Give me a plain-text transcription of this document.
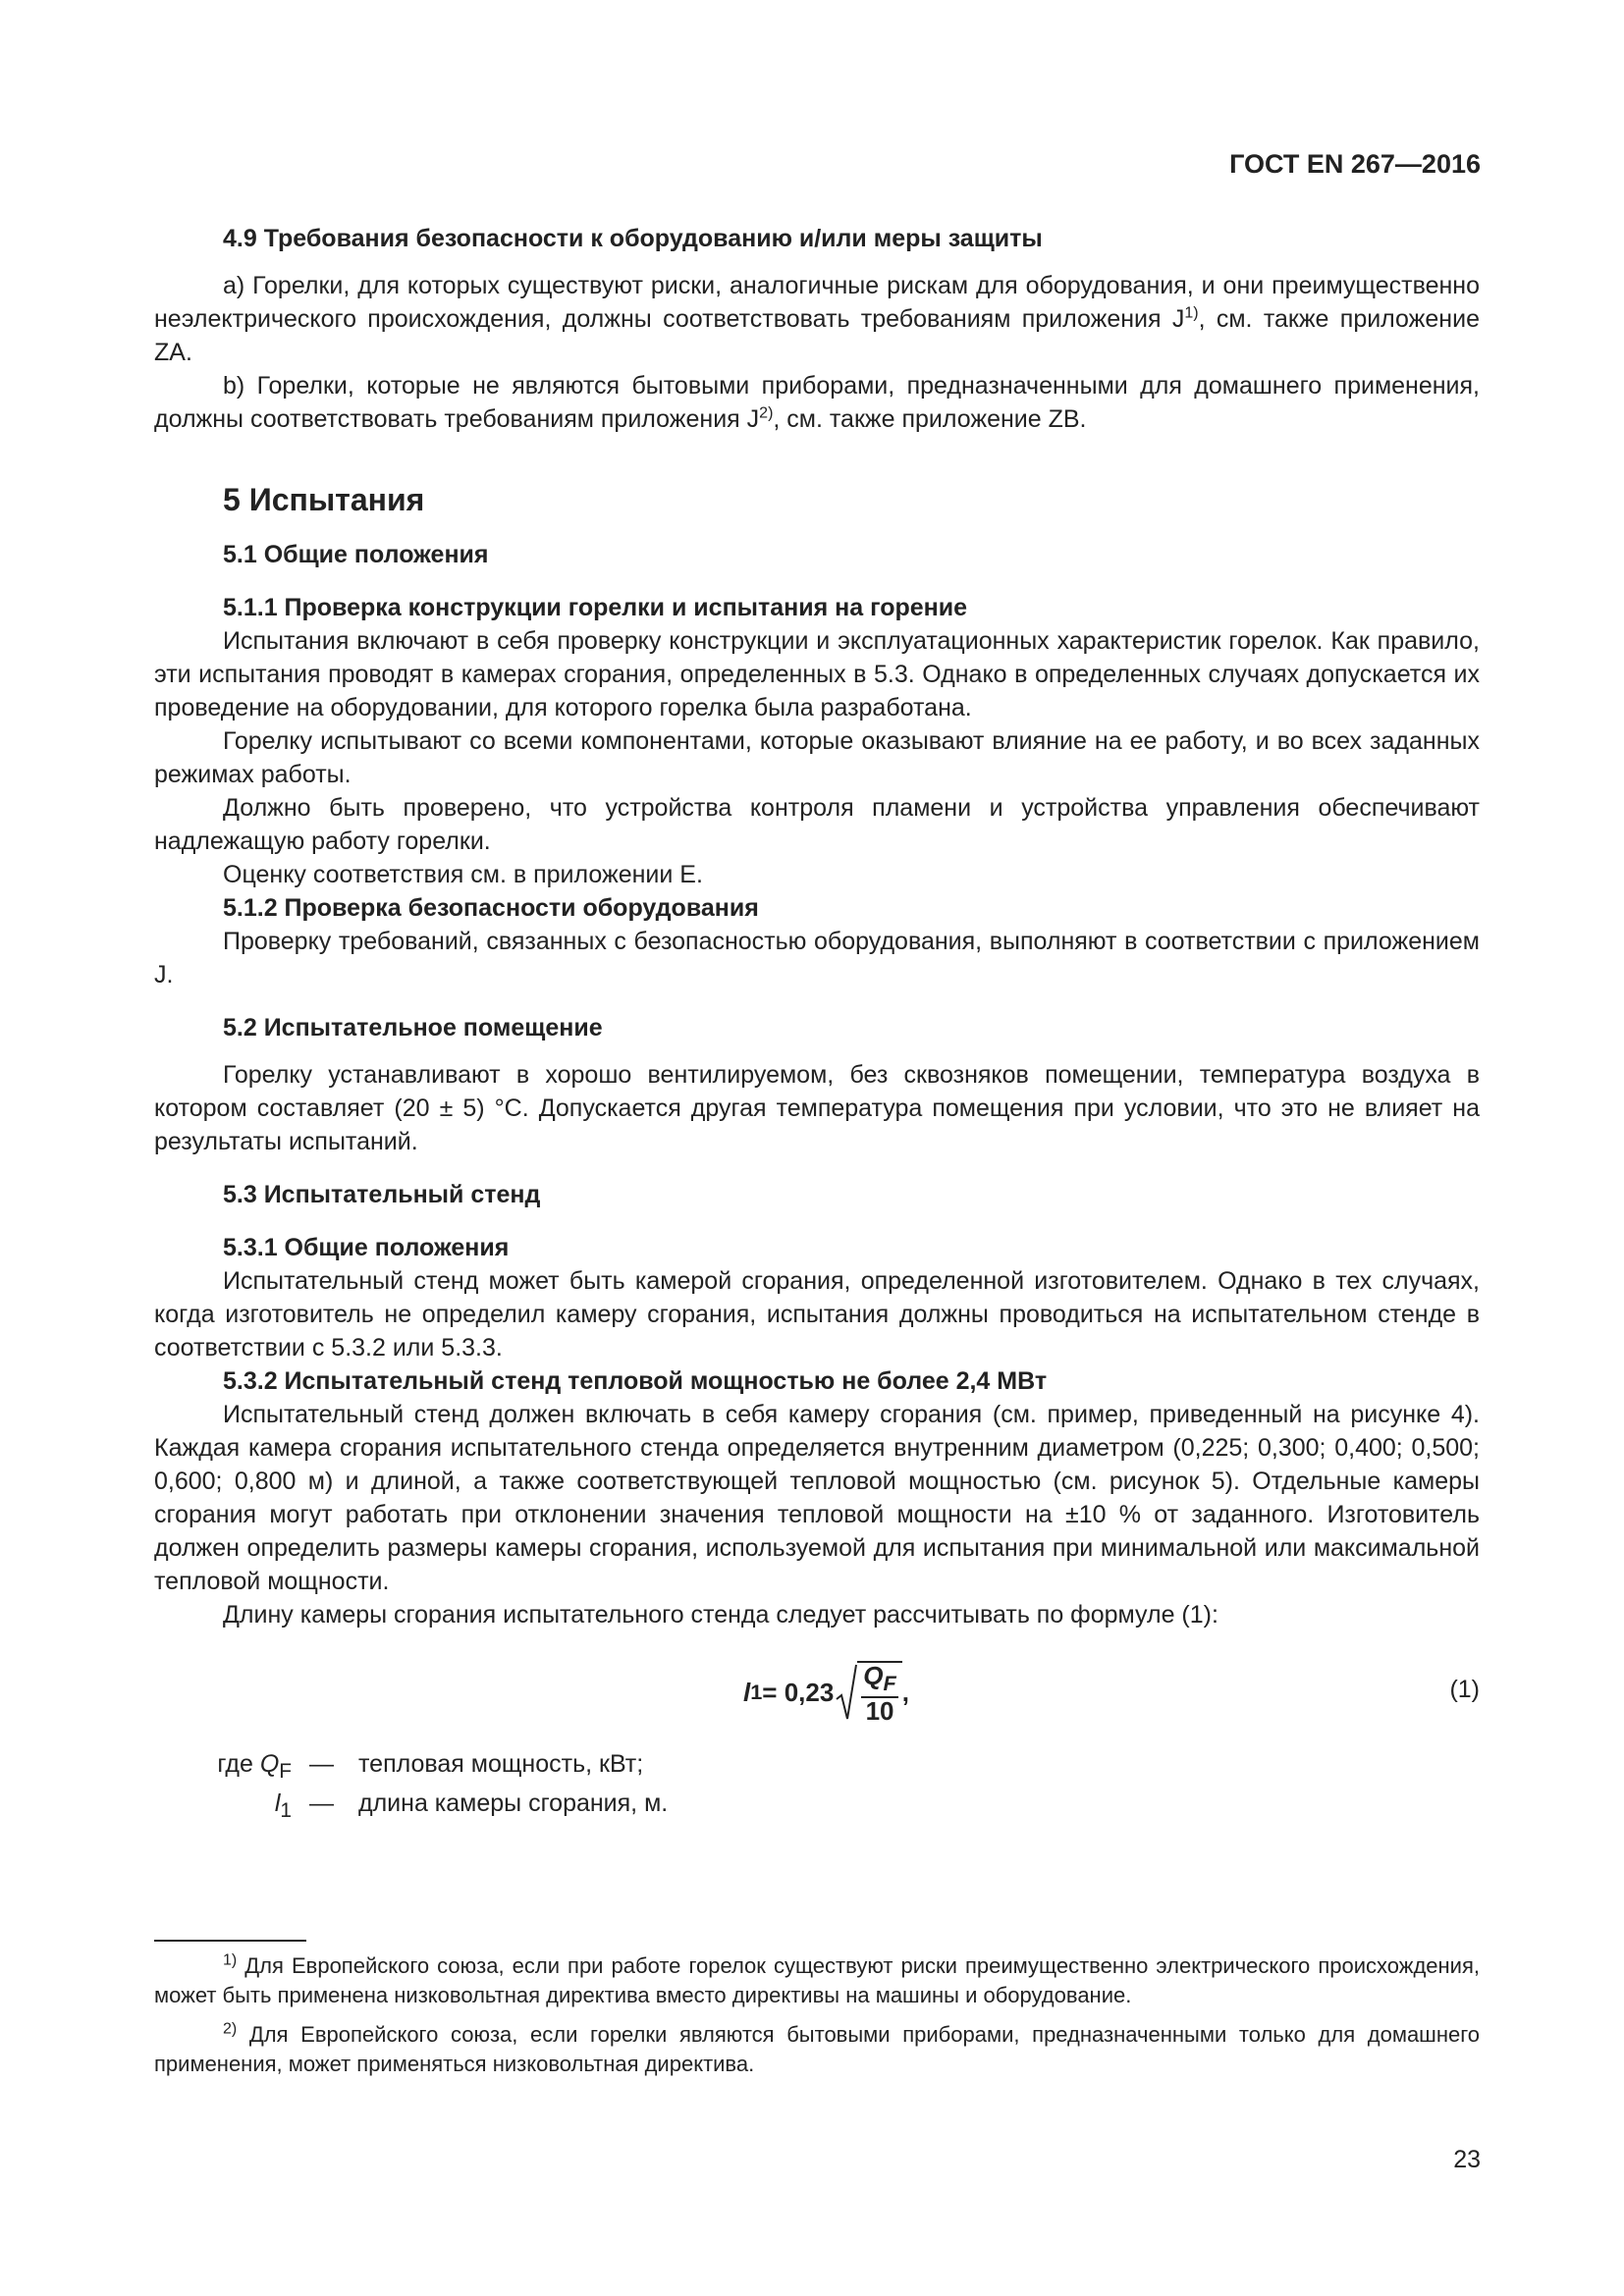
ГОСТ EN 267—2016

4.9 Требования безопасности к оборудованию и/или меры защиты

a) Горелки, для которых существуют риски, аналогичные рискам для оборудования, и они преимущественно неэлектрического происхождения, должны соответствовать требованиям приложения $J^{1)}$, см. также приложение ZA.

b) Горелки, которые не являются бытовыми приборами, предназначенными для домашнего применения, должны соответствовать требованиям приложения $J^{2)}$, см. также приложение ZB.

5 Испытания

5.1 Общие положения

5.1.1 Проверка конструкции горелки и испытания на горение

Испытания включают в себя проверку конструкции и эксплуатационных характеристик горелок. Как правило, эти испытания проводят в камерах сгорания, определенных в 5.3. Однако в определенных случаях допускается их проведение на оборудовании, для которого горелка была разработана.

Горелку испытывают со всеми компонентами, которые оказывают влияние на ее работу, и во всех заданных режимах работы.

Должно быть проверено, что устройства контроля пламени и устройства управления обеспечивают надлежащую работу горелки.

Оценку соответствия см. в приложении E.

5.1.2 Проверка безопасности оборудования

Проверку требований, связанных с безопасностью оборудования, выполняют в соответствии с приложением J.

5.2 Испытательное помещение

Горелку устанавливают в хорошо вентилируемом, без сквозняков помещении, температура воздуха в котором составляет (20 ± 5) °С. Допускается другая температура помещения при условии, что это не влияет на результаты испытаний.

5.3 Испытательный стенд

5.3.1 Общие положения

Испытательный стенд может быть камерой сгорания, определенной изготовителем. Однако в тех случаях, когда изготовитель не определил камеру сгорания, испытания должны проводиться на испытательном стенде в соответствии с 5.3.2 или 5.3.3.

5.3.2 Испытательный стенд тепловой мощностью не более 2,4 МВт

Испытательный стенд должен включать в себя камеру сгорания (см. пример, приведенный на рисунке 4). Каждая камера сгорания испытательного стенда определяется внутренним диаметром (0,225; 0,300; 0,400; 0,500; 0,600; 0,800 м) и длиной, а также соответствующей тепловой мощностью (см. рисунок 5). Отдельные камеры сгорания могут работать при отклонении значения тепловой мощности на ±10 % от заданного. Изготовитель должен определить размеры камеры сгорания, используемой для испытания при минимальной или максимальной тепловой мощности.

Длину камеры сгорания испытательного стенда следует рассчитывать по формуле (1):

l $1 = 0,23 \frac{Q_F}{10}$ ,	(1)
где $Q_F$ —	тепловая мощность, кВт;
$l_1$ —	длина камеры сгорания, м.

$^{1)}$ Для Европейского союза, если при работе горелок существуют риски преимущественно электрического происхождения, может быть применена низковольтная директива вместо директивы на машины и оборудование.

$^{2)}$ Для Европейского союза, если горелки являются бытовыми приборами, предназначенными только для домашнего применения, может применяться низковольтная директива.

23
